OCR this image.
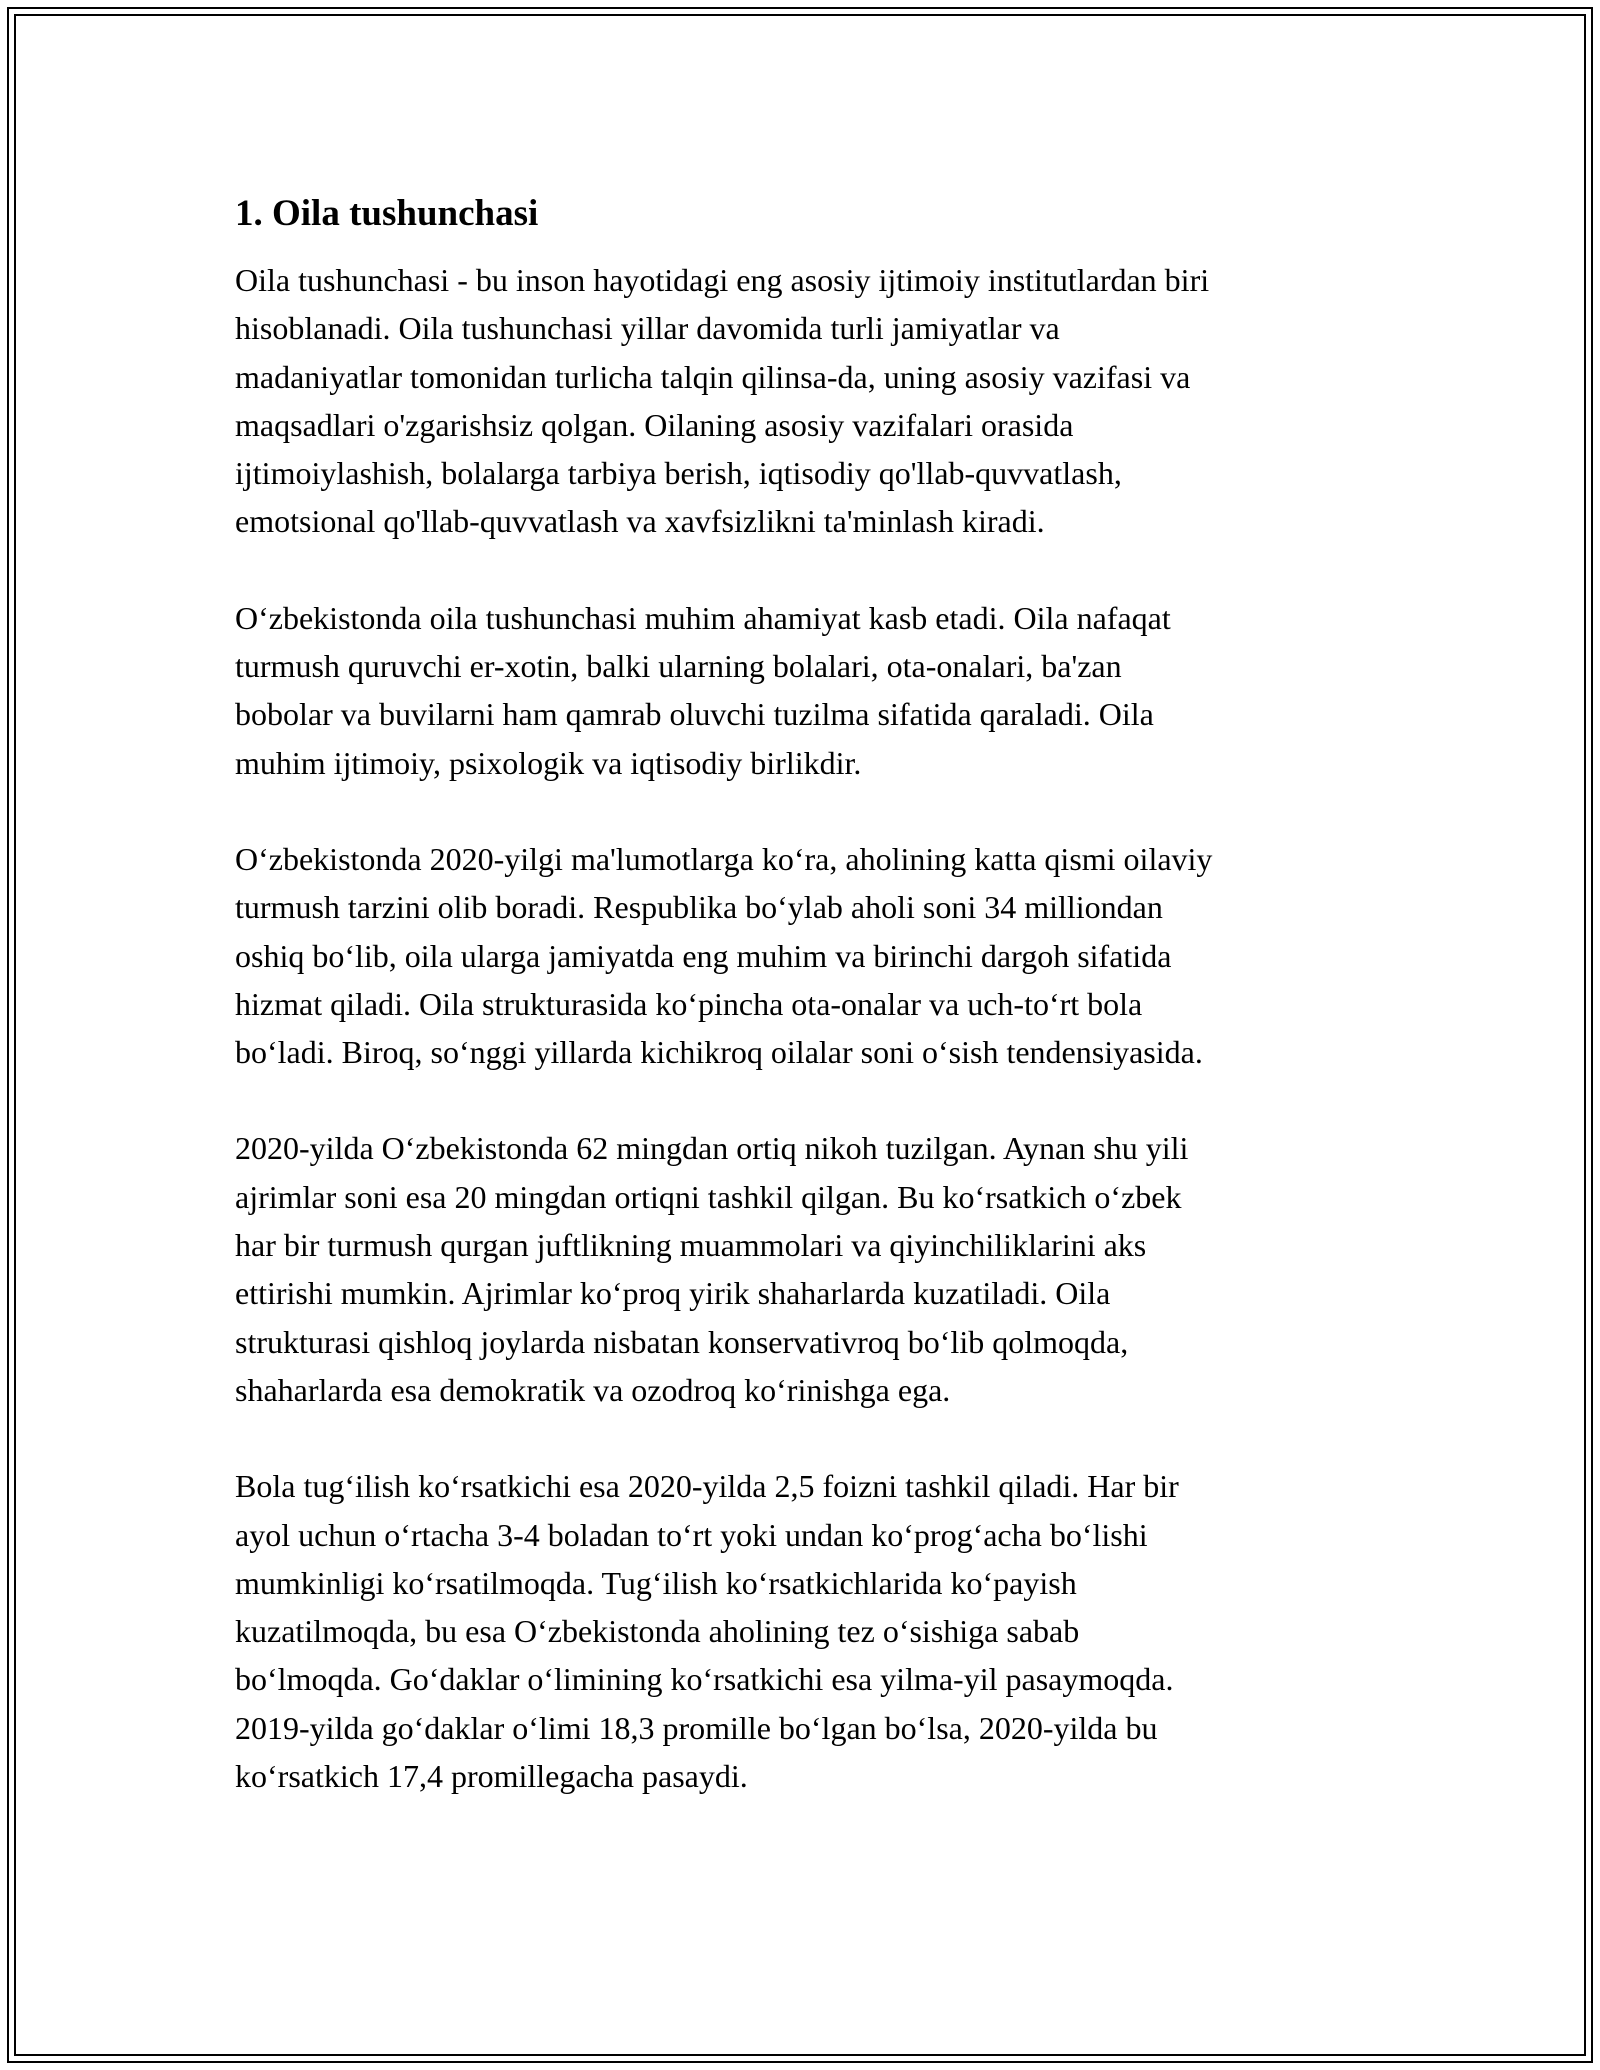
1. Oila tushunchasi

Oila tushunchasi - bu inson hayotidagi eng asosiy ijtimoiy institutlardan biri
hisoblanadi. Oila tushunchasi yillar davomida turli jamiyatlar va
madaniyatlar tomonidan turlicha talqin qilinsa-da, uning asosiy vazifasi va
maqsadlari o'zgarishsiz qolgan. Oilaning asosiy vazifalari orasida
ijtimoiylashish, bolalarga tarbiya berish, iqtisodiy qo'llab-quvvatlash,
emotsional qo'llab-quvvatlash va xavfsizlikni ta'minlash kiradi.

Oʻzbekistonda oila tushunchasi muhim ahamiyat kasb etadi. Oila nafaqat
turmush quruvchi er-xotin, balki ularning bolalari, ota-onalari, ba'zan
bobolar va buvilarni ham qamrab oluvchi tuzilma sifatida qaraladi. Oila
muhim ijtimoiy, psixologik va iqtisodiy birlikdir.

Oʻzbekistonda 2020-yilgi ma'lumotlarga koʻra, aholining katta qismi oilaviy
turmush tarzini olib boradi. Respublika boʻylab aholi soni 34 milliondan
oshiq boʻlib, oila ularga jamiyatda eng muhim va birinchi dargoh sifatida
hizmat qiladi. Oila strukturasida koʻpincha ota-onalar va uch-toʻrt bola
boʻladi. Biroq, soʻnggi yillarda kichikroq oilalar soni oʻsish tendensiyasida.

2020-yilda Oʻzbekistonda 62 mingdan ortiq nikoh tuzilgan. Aynan shu yili
ajrimlar soni esa 20 mingdan ortiqni tashkil qilgan. Bu koʻrsatkich oʻzbek
har bir turmush qurgan juftlikning muammolari va qiyinchiliklarini aks
ettirishi mumkin. Ajrimlar koʻproq yirik shaharlarda kuzatiladi. Oila
strukturasi qishloq joylarda nisbatan konservativroq boʻlib qolmoqda,
shaharlarda esa demokratik va ozodroq koʻrinishga ega.

Bola tugʻilish koʻrsatkichi esa 2020-yilda 2,5 foizni tashkil qiladi. Har bir
ayol uchun oʻrtacha 3-4 boladan toʻrt yoki undan koʻprogʻacha boʻlishi
mumkinligi koʻrsatilmoqda. Tugʻilish koʻrsatkichlarida koʻpayish
kuzatilmoqda, bu esa Oʻzbekistonda aholining tez oʻsishiga sabab
boʻlmoqda. Goʻdaklar oʻlimining koʻrsatkichi esa yilma-yil pasaymoqda.
2019-yilda goʻdaklar oʻlimi 18,3 promille boʻlgan boʻlsa, 2020-yilda bu
koʻrsatkich 17,4 promillegacha pasaydi.
